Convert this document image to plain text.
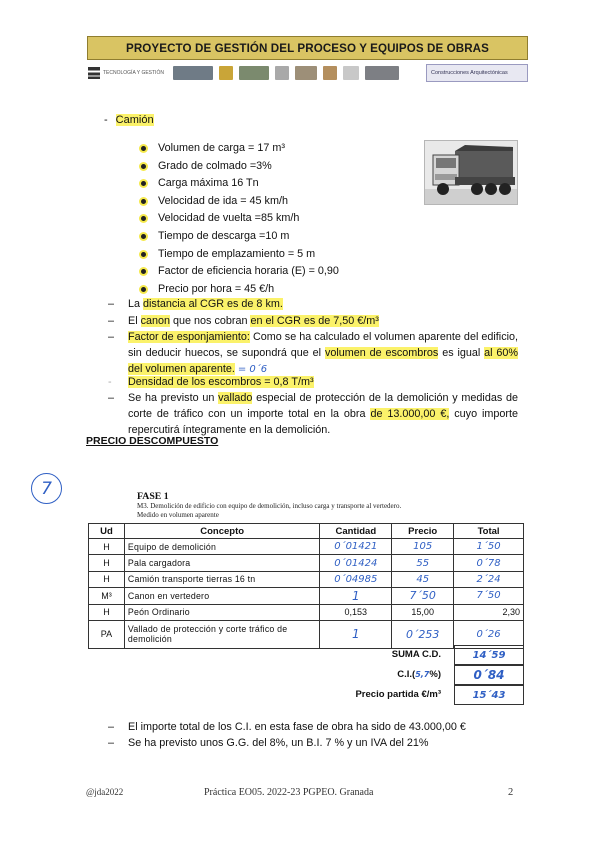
PROYECTO DE GESTIÓN DEL PROCESO Y EQUIPOS DE OBRAS
TECNOLOGÍA Y GESTIÓN	Construcciones Arquitectónicas
- Camión
Volumen de carga = 17 m³
Grado de colmado =3%
Carga máxima 16 Tn
Velocidad de ida = 45 km/h
Velocidad de vuelta =85 km/h
Tiempo de descarga =10 m
Tiempo de emplazamiento = 5 m
Factor de eficiencia horaria (E) = 0,90
Precio por hora = 45 €/h
– La distancia al CGR es de 8 km.
– El canon que nos cobran en el CGR es de 7,50 €/m³
– Factor de esponjamiento: Como se ha calculado el volumen aparente del edificio, sin deducir huecos, se supondrá que el volumen de escombros es igual al 60% del volumen aparente. = 0´6
- Densidad de los escombros = 0,8 T/m³
– Se ha previsto un vallado especial de protección de la demolición y medidas de corte de tráfico con un importe total en la obra de 13.000,00 €, cuyo importe repercutirá íntegramente en la demolición.
PRECIO DESCOMPUESTO
7	FASE 1
M3. Demolición de edificio con equipo de demolición, incluso carga y transporte al vertedero.
Medido en volumen aparente
Ud	Concepto	Cantidad	Precio	Total
H	Equipo de demolición	0´01421	105	1´50
H	Pala cargadora	0´01424	55	0´78
H	Camión transporte tierras 16 tn	0´04985	45	2´24
M³	Canon en vertedero	1	7´50	7´50
H	Peón Ordinario	0,153	15,00	2,30
PA	Vallado de protección y corte tráfico de demolición	1	0´253	0´26
SUMA C.D.	14´59
C.I.(5,7%)	0´84
Precio partida €/m³	15´43
– El importe total de los C.I. en esta fase de obra ha sido de 43.000,00 €
– Se ha previsto unos G.G. del 8%, un B.I. 7 % y un IVA del 21%
@jda2022	Práctica EO05. 2022-23 PGPEO. Granada	2
